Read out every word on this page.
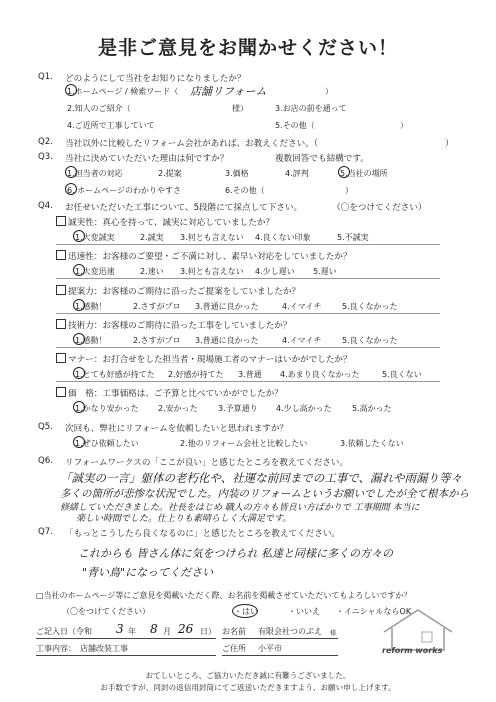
是非ご意見をお聞かせください！
Q1. どのようにして当社をお知りになりましたか？
1.ホームページ / 検索ワード（ 店舗リフォーム	）
2.知人のご紹介（	様）	3.お店の前を通って
4.ご近所で工事していて	5.その他（	）
Q2. 当社以外に比較したリフォーム会社があれば、お教えください。（	）
Q3. 当社に決めていただいた理由は何ですか？	複数回答でも結構です。
1.担当者の対応	2.提案	3.価格	4.評判	5.当社の場所
6. ホームページのわかりやすさ	6.その他（	）
Q4. お任せいただいた工事について、5段階にて採点して下さい。	（〇をつけてください）
誠実性：真心を持って、誠実に対応していましたか？
1.大変誠実	2.誠実 3.何とも言えない 4.良くない印象	5.不誠実
迅速性：お客様のご要望・ご不満に対し、素早い対応をしていましたか？
1.大変迅速	2.速い 3.何とも言えない 4.少し遅い 5.遅い
提案力：お客様のご期待に沿ったご提案をしていましたか？
1.感動！	2.さすがプロ 3.普通に良かった	4.イマイチ	5.良くなかった
技術力：お客様のご期待に沿った工事をしていましたか？
1.感動！	2.さすがプロ 3.普通に良かった	4.イマイチ	5.良くなかった
マナー：お打合せをした担当者・現場施工者のマナーはいかがでしたか？
1.とても好感が持てた 2.好感が持てた 3.普通 4.あまり良くなかった	5.良くない
価　格：工事価格は、ご予算と比べていかがでしたか？
1.かなり安かった 2.安かった	3.予算通り 4.少し高かった	5.高かった
Q5. 次回も、弊社にリフォームを依頼したいと思われますか？
1.ぜひ依頼したい	2.他のリフォーム会社と比較したい	3.依頼したくない
Q6. リフォームワークスの「ここが良い」と感じたところを教えてください。
「誠実の一言」躯体の老朽化や、社運な前回までの工事で、漏れや雨漏り等々
多くの箇所が悲惨な状況でした。内装のリフォームというお願いでしたが全て根本から
修繕していただきました。社長をはじめ 職人の方々も皆良い方ばかりで 工事期間 本当に
楽しい時間でした。仕上りも素晴らしく大満足です。
Q7. 「もっとこうしたら良くなるのに」と感じたところを教えてください。
これからも 皆さん体に気をつけられ 私達と同様に多くの方々の
"青い鳥"になってください
□当社のホームページ等にご意見を掲載いただく際、お名前を掲載させていただいてもよろしいですか？
（〇をつけてください）	・はい	・いいえ ・イニシャルならOK
ご記入日（令和 3 年 8 月 26 日） お名前 有限会社つのぶえ 様
工事内容： 店舗改装工事	ご住所 小平市	reform works
おてしいところ、ご協力いただき誠に有難うございました。
お手数ですが、同封の返信用封筒にてご返送いただきますよう、お願い申し上げます。
